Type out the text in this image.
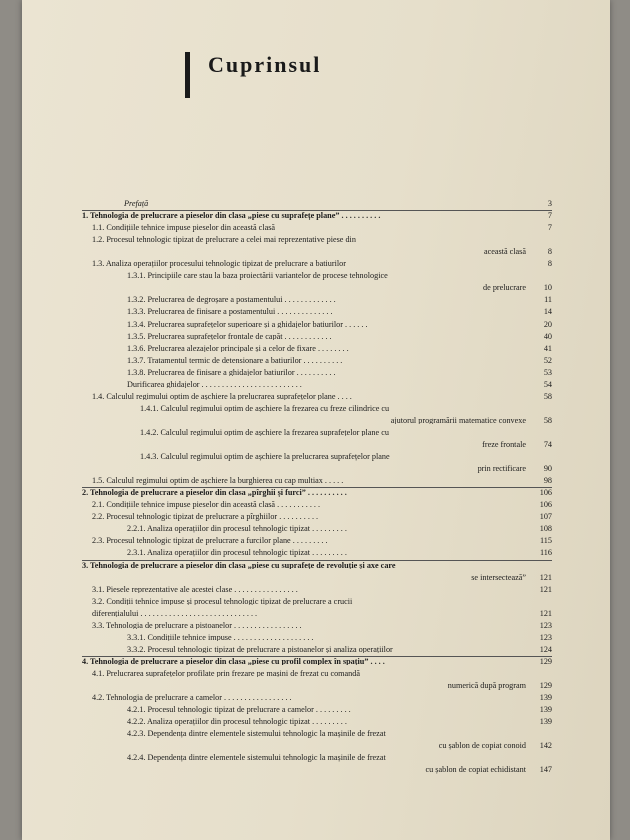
Cuprinsul
Prefață	3
1. Tehnologia de prelucrare a pieselor din clasa „piese cu suprafețe plane” . . . . . . . . . .	7
1.1. Condițiile tehnice impuse pieselor din această clasă	7
1.2. Procesul tehnologic tipizat de prelucrare a celei mai reprezentative piese din
această clasă	8
1.3. Analiza operațiilor procesului tehnologic tipizat de prelucrare a batiurilor	8
1.3.1. Principiile care stau la baza proiectării variantelor de procese tehnologice
de prelucrare 10
1.3.2. Prelucrarea de degroșare a postamentului . . . . . . . . . . . . .	11
1.3.3. Prelucrarea de finisare a postamentului . . . . . . . . . . . . . .	14
1.3.4. Prelucrarea suprafețelor superioare și a ghidajelor batiurilor . . . . . .	20
1.3.5. Prelucrarea suprafețelor frontale de capăt . . . . . . . . . . . .	40
1.3.6. Prelucrarea alezajelor principale și a celor de fixare . . . . . . . .	41
1.3.7. Tratamentul termic de detensionare a batiurilor . . . . . . . . . .	52
1.3.8. Prelucrarea de finisare a ghidajelor batiurilor . . . . . . . . . .	53
Durificarea ghidajelor . . . . . . . . . . . . . . . . . . . . . . . . .	54
1.4. Calculul regimului optim de așchiere la prelucrarea suprafețelor plane . . . .	58
1.4.1. Calculul regimului optim de așchiere la frezarea cu freze cilindrice cu
ajutorul programării matematice convexe 58
1.4.2. Calculul regimului optim de așchiere la frezarea suprafețelor plane cu
freze frontale 74
1.4.3. Calculul regimului optim de așchiere la prelucrarea suprafețelor plane
prin rectificare 90
1.5. Calculul regimului optim de așchiere la burghierea cu cap multiax . . . . .	98
2. Tehnologia de prelucrare a pieselor din clasa „pîrghii și furci” . . . . . . . . . .	106
2.1. Condițiile tehnice impuse pieselor din această clasă . . . . . . . . . . .	106
2.2. Procesul tehnologic tipizat de prelucrare a pîrghiilor . . . . . . . . . .	107
2.2.1. Analiza operațiilor din procesul tehnologic tipizat . . . . . . . . .	108
2.3. Procesul tehnologic tipizat de prelucrare a furcilor plane . . . . . . . . .	115
2.3.1. Analiza operațiilor din procesul tehnologic tipizat . . . . . . . . .	116
3. Tehnologia de prelucrare a pieselor din clasa „piese cu suprafețe de revoluție și axe care
se intersectează” 121
3.1. Piesele reprezentative ale acestei clase . . . . . . . . . . . . . . . .	121
3.2. Condiții tehnice impuse și procesul tehnologic tipizat de prelucrare a crucii
diferențialului . . . . . . . . . . . . . . . . . . . . . . . . . . . . .	121
3.3. Tehnologia de prelucrare a pistoanelor . . . . . . . . . . . . . . . . .	123
3.3.1. Condițiile tehnice impuse . . . . . . . . . . . . . . . . . . . .	123
3.3.2. Procesul tehnologic tipizat de prelucrare a pistoanelor și analiza operațiilor	124
4. Tehnologia de prelucrare a pieselor din clasa „piese cu profil complex în spațiu” . . . .	129
4.1. Prelucrarea suprafețelor profilate prin frezare pe mașini de frezat cu comandă
numerică după program 129
4.2. Tehnologia de prelucrare a camelor . . . . . . . . . . . . . . . . .	139
4.2.1. Procesul tehnologic tipizat de prelucrare a camelor . . . . . . . . .	139
4.2.2. Analiza operațiilor din procesul tehnologic tipizat . . . . . . . . .	139
4.2.3. Dependența dintre elementele sistemului tehnologic la mașinile de frezat
cu șablon de copiat conoid 142
4.2.4. Dependența dintre elementele sistemului tehnologic la mașinile de frezat
cu șablon de copiat echidistant 147
